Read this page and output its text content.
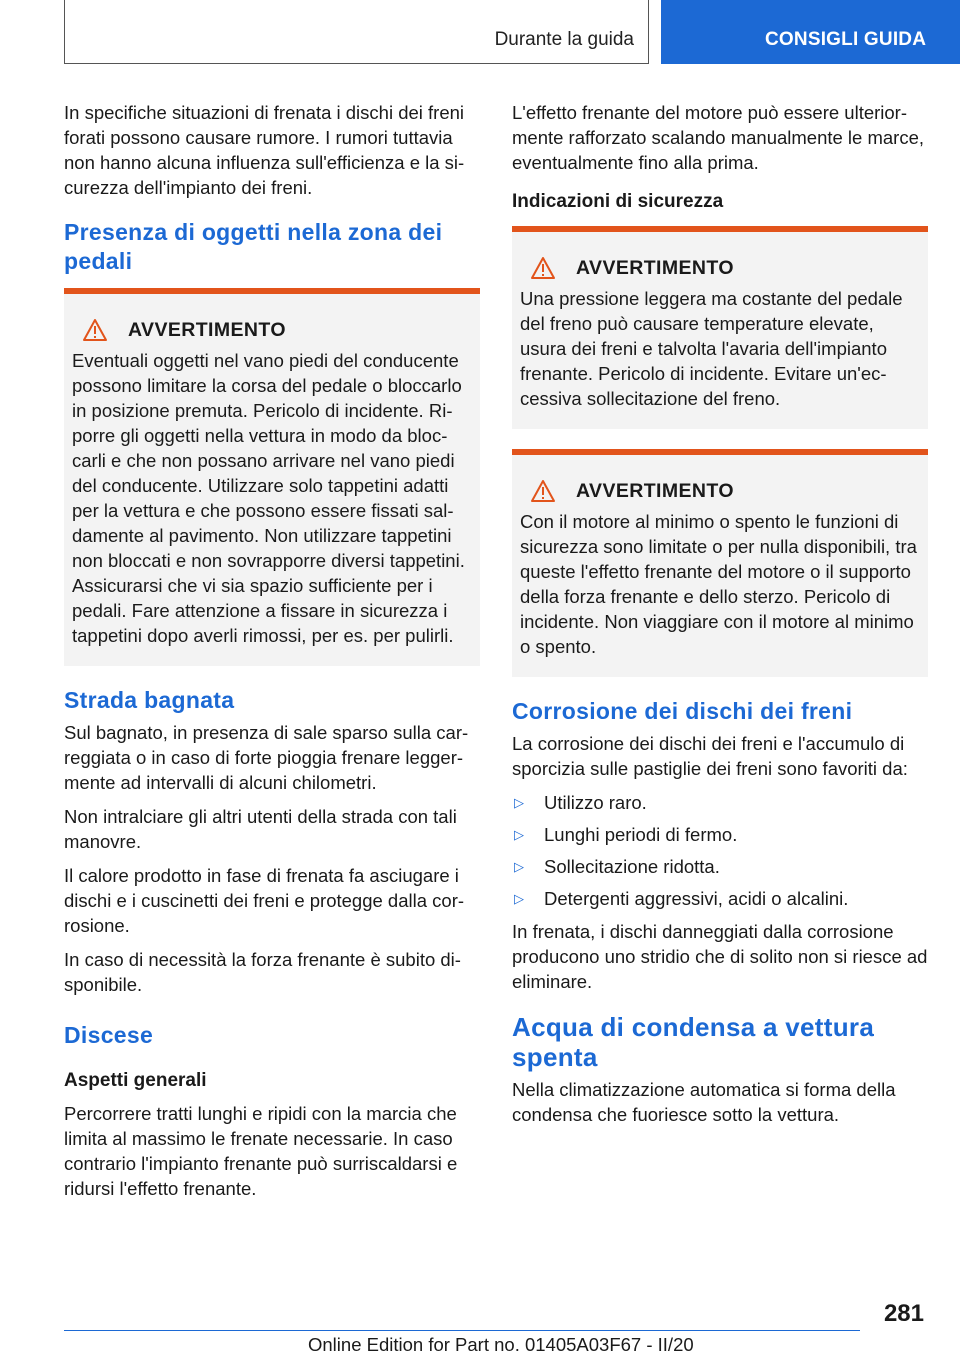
Durante la guida	CONSIGLI GUIDA

In specifiche situazioni di frenata i dischi dei freni forati possono causare rumore. I rumori tuttavia non hanno alcuna influenza sull'efficienza e la sicurezza dell'impianto dei freni.

Presenza di oggetti nella zona dei pedali
AVVERTIMENTO

Eventuali oggetti nel vano piedi del conducente possono limitare la corsa del pedale o bloccarlo in posizione premuta. Pericolo di incidente. Riporre gli oggetti nella vettura in modo da bloccarli e che non possano arrivare nel vano piedi del conducente. Utilizzare solo tappetini adatti per la vettura e che possono essere fissati saldamente al pavimento. Non utilizzare tappetini non bloccati e non sovrapporre diversi tappetini. Assicurarsi che vi sia spazio sufficiente per i pedali. Fare attenzione a fissare in sicurezza i tappetini dopo averli rimossi, per es. per pulirli.

Strada bagnata

Sul bagnato, in presenza di sale sparso sulla carreggiata o in caso di forte pioggia frenare leggermente ad intervalli di alcuni chilometri.

Non intralciare gli altri utenti della strada con tali manovre.

Il calore prodotto in fase di frenata fa asciugare i dischi e i cuscinetti dei freni e protegge dalla corrosione.

In caso di necessità la forza frenante è subito disponibile.

Discese
Aspetti generali

Percorrere tratti lunghi e ripidi con la marcia che limita al massimo le frenate necessarie. In caso contrario l'impianto frenante può surriscaldarsi e ridursi l'effetto frenante.

L'effetto frenante del motore può essere ulteriormente rafforzato scalando manualmente le marce, eventualmente fino alla prima.

Indicazioni di sicurezza
AVVERTIMENTO

Una pressione leggera ma costante del pedale del freno può causare temperature elevate, usura dei freni e talvolta l'avaria dell'impianto frenante. Pericolo di incidente. Evitare un'eccessiva sollecitazione del freno.

AVVERTIMENTO

Con il motore al minimo o spento le funzioni di sicurezza sono limitate o per nulla disponibili, tra queste l'effetto frenante del motore o il supporto della forza frenante e dello sterzo. Pericolo di incidente. Non viaggiare con il motore al minimo o spento.

Corrosione dei dischi dei freni

La corrosione dei dischi dei freni e l'accumulo di sporcizia sulle pastiglie dei freni sono favoriti da:

▷	Utilizzo raro.
▷	Lunghi periodi di fermo.
▷	Sollecitazione ridotta.
▷	Detergenti aggressivi, acidi o alcalini.

In frenata, i dischi danneggiati dalla corrosione producono uno stridio che di solito non si riesce ad eliminare.

Acqua di condensa a vettura spenta

Nella climatizzazione automatica si forma della condensa che fuoriesce sotto la vettura.

281
Online Edition for Part no. 01405A03F67 - II/20
